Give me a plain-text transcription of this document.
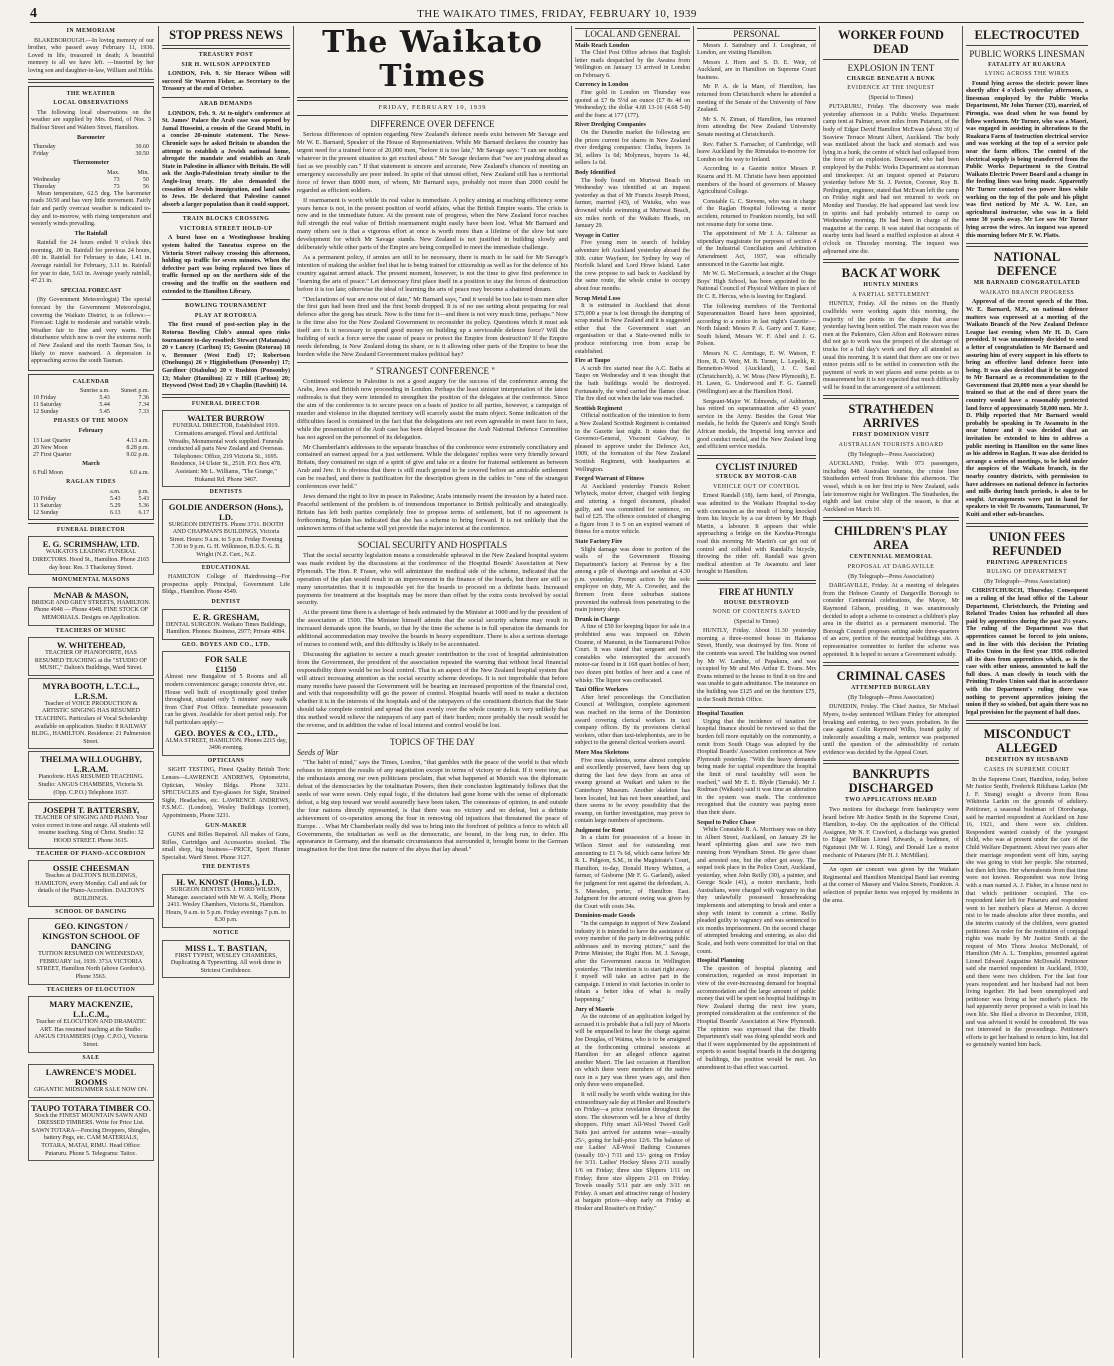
4	THE WAIKATO TIMES, FRIDAY, FEBRUARY 10, 1939
IN MEMORIAM

BLAKEBOROUGH.—In loving memory of our brother, who passed away February 11, 1936. Loved in life, treasured in death; A beautiful memory is all we have left. —Inserted by her loving son and daughter-in-law, William and Hilda.

THE WEATHER
LOCAL OBSERVATIONS

The following local observations on the weather are supplied by Mrs. Bond, of Nos. 3 Balfour Street and Walters Street, Hamilton.

Barometer
Thursday	30.60
Friday	30.50
Thermometer
	Max.	Min.
Wednesday	73	50
Thursday	73	56

Mean temperature, 62.5 deg. The barometer reads 30.50 and has very little movement. Fairly fair and partly overcast weather is indicated to-day and to-morrow, with rising temperature and westerly winds prevailing.

The Rainfall

Rainfall for 24 hours ended 9 o'clock this morning, .00 in. Rainfall for previous 24 hours, .00 in. Rainfall for February to date, 1.41 in. Average rainfall for February, 3.11 in. Rainfall for year to date, 5.63 in. Average yearly rainfall, 47.21 in.

SPECIAL FORECAST

(By Government Meteorologist) The special forecast by the Government Meteorologist, covering the Waikato District, is as follows:— Forecast: Light to moderate and variable winds. Weather fair to fine and very warm. The disturbance which now is over the extreme north of New Zealand and the north Tasman Sea, is likely to move eastward. A depression is approaching across the south Tasman.

CALENDAR
	Sunrise a.m.	Sunset p.m.
10 Friday	5.43	7.36
11 Saturday	5.44	7.34
12 Sunday	5.45	7.33
PHASES OF THE MOON
February
13 Last Quarter	4.13 a.m.
20 New Moon	8.28 p.m.
27 First Quarter	9.02 p.m.
March
6 Full Moon	6.0 a.m.
RAGLAN TIDES
	a.m.	p.m.
10 Friday	5.43	5.43
11 Saturday	5.29	5.36
12 Sunday	6.13	6.17
FUNERAL DIRECTOR
E. G. SCRIMSHAW, LTD.
WAIKATO'S LEADING FUNERAL DIRECTORS. Hood St., Hamilton. Phone 2165 day hour. Res. 3 Thackeray Street.
MONUMENTAL MASONS
McNAB & MASON,
BRIDGE AND GREY STREETS, HAMILTON. Phone 4948 — Phone 4948. FINE STOCK OF MEMORIALS. Designs on Application.
TEACHERS OF MUSIC
W. WHITEHEAD,
TEACHER OF PIANOFORTE, HAS RESUMED TEACHING at the "STUDIO OF MUSIC," Dalton's Buildings, Ward Street.
MYRA BOOTH, L.T.C.L., L.R.S.M.
Teacher of VOICE PRODUCTION & ARTISTIC SINGING HAS RESUMED TEACHING. Particulars of Vocal Scholarship available on application. Studio: 8 RAILWAY BLDG., HAMILTON. Residence: 21 Palmerston Street.
THELMA WILLOUGHBY, L.R.A.M.
Pianoforte. HAS RESUMED TEACHING. Studio: ANGUS CHAMBERS, Victoria St. (Opp. C.P.O.) Telephone 1637.
JOSEPH T. BATTERSBY,
TEACHER OF SINGING AND PIANO. Your voice correct in tone and range. All students will resume teaching. Sing of Christ. Studio: 32 HOOD STREET. Phone 3615.
TEACHER OF PIANO-ACCORDION
OSSIE CHEESMAN
Teaches at DALTON'S BUILDINGS, HAMILTON, every Monday. Call and ask for details of the Piano-Accordion. DALTON'S BUILDINGS.
SCHOOL OF DANCING
GEO. KINGSTON / KINGSTON SCHOOL OF DANCING
TUITION RESUMED ON WEDNESDAY, FEBRUARY 1st, 1939. 373A VICTORIA STREET, Hamilton North (above Gordon's). Phone 3563.
TEACHERS OF ELOCUTION
MARY MACKENZIE, L.L.C.M.,
Teacher of ELOCUTION AND DRAMATIC ART. Has resumed teaching at the Studio: ANGUS CHAMBERS (Opp. C.P.O.), Victoria Street.
SALE
LAWRENCE'S MODEL ROOMS
GIGANTIC MIDSUMMER SALE NOW ON.
TAUPO TOTARA TIMBER CO.
Stock the FINEST MOUNTAIN SAWN AND DRESSED TIMBERS. Write for Price List. SAWN TOTARA—Fencing Droppers, Shingles, battery Pegs, etc. CAM MATERIALS, TOTARA, MATAI, RIMU. Head Office: Putaruru. Phone 5. Telegrams: Taitoc.
STOP PRESS NEWS
TREASURY POST
SIR H. WILSON APPOINTED

LONDON, Feb. 9. Sir Horace Wilson will succeed Sir Warren Fisher, as Secretary to the Treasury at the end of October.

ARAB DEMANDS

LONDON, Feb. 9. At to-night's conference at St. James' Palace the Arab case was opened by Jamal Husseini, a cousin of the Grand Mufti, in a concise 20-minute statement. The News-Chronicle says he asked Britain to abandon the attempt to establish a Jewish national home, abrogate the mandate and establish an Arab State in Palestine in alliance with Britain. He will ask the Anglo-Palestinian treaty similar to the Anglo-Iraq treaty. He also demanded the cessation of Jewish immigration, and land sales to Jews. He declared that Palestine cannot absorb a larger population than it could support.

TRAIN BLOCKS CROSSING
VICTORIA STREET HOLD-UP

A burst hose on a Westinghouse braking system halted the Taneatua express on the Victoria Street railway crossing this afternoon, holding up traffic for seven minutes. When the defective part was being replaced two lines of traffic formed up on the northern side of the crossing and the traffic on the southern end extended to the Hamilton Library.

BOWLING TOURNAMENT
PLAY AT ROTORUA

The first round of post-section play in the Rotorua Bowling Club's annual open rinks tournament to-day resulted: Stewart (Matamata) 20 v Lancey (Carlton) 15; Gosnim (Rotorua) 18 v. Bremner (West End) 17; Robertson (Onehunga) 26 v Higginbotham (Ponsonby) 17; Gardiner (Otahuhu) 20 v Rushton (Ponsonby) 13; Maher (Hamilton) 22 v Hill (Carlton) 20; Heywood (West End) 20 v Chaplin (Rawhiti) 14.

FUNERAL DIRECTOR
WALTER BURROW
FUNERAL DIRECTOR, Established 1919. Cremations arranged. Floral and Artificial Wreaths, Monumental work supplied. Funerals conducted all parts New Zealand and Overseas. Telephones: Office, 219 Victoria St., 1695. Residence, 14 Ulster St., 2518. P.O. Box 478. Assistant: Mr L. Williams, "The Grange," Hukanui Rd. Phone 3467.
DENTISTS
GOLDIE ANDERSON (Hons.), LD.
SURGEON DENTISTS. Phone 3711. BOOTH AND CHAPMAN'S BUILDINGS, Victoria Street. Hours: 9 a.m. to 5 p.m. Friday Evening 7.30 to 9 p.m. G. H. Wilkinson, B.D.S. G. B. Wright (N.Z. Cert., N.Z.
EDUCATIONAL

HAMILTON College of Hairdressing—For prospectus apply Principal, Government Life Bldgs., Hamilton. Phone 4549.

DENTIST
E. R. GRESHAM,
DENTAL SURGEON. Waikato Times Buildings, Hamilton. Phones: Business, 2977; Private 4084.
GEO. BOYES AND CO., LTD.
FOR SALE
£1150
Almost new Bungalow of 5 Rooms and all modern conveniences: garage; concrete drive, etc. House well built of exceptionally good timber throughout, situated only 5 minutes' easy walk from Chief Post Office. Immediate possession can be given. Available for short period only. For full particulars apply:—
GEO. BOYES & CO., LTD.,
ALMA STREET, HAMILTON. Phones 2215 day, 3496 evening.
OPTICIANS

SIGHT TESTING, Finest Quality British Toric Lenses—LAWRENCE ANDREWS, Optometrist, Optician, Wesley Bldgs. Phone 3231. SPECTACLES and Eye-glasses for Sight, Strained Sight, Headaches, etc. LAWRENCE ANDREWS, F.S.M.C. (London), Wesley Buildings (corner), Appointments, Phone 3231.

GUN-MAKER

GUNS and Rifles Repaired. All makes of Guns, Rifles, Cartridges and Accessories stocked. The small shop, big business—PRICE, Sport Hunter Specialist. Ward Street. Phone 3127.

THE DENTISTS
H. W. KNOST (Hons.), LD.
SURGEON DENTISTS. J. FORD WILSON, Manager. associated with Mr W. A. Kelly, Phone 2411. Wesley Chambers, Victoria St., Hamilton. Hours, 9 a.m. to 5 p.m. Friday evenings 7 p.m. to 8.30 p.m.
NOTICE
MISS L. T. BASTIAN,
FIRST TYPIST, WESLEY CHAMBERS, Duplicating & Typewriting. All work done in Strictest Confidence.
The Waikato Times
FRIDAY, FEBRUARY 10, 1939
DIFFERENCE OVER DEFENCE

Serious differences of opinion regarding New Zealand's defence needs exist between Mr Savage and Mr W. E. Barnard, Speaker of the House of Representatives. While Mr Barnard declares the country has urgent need for a trained force of 20,000 men, "before it is too late," Mr Savage says: "I can see nothing whatever in the present situation to get excited about." Mr Savage declares that "we are pushing ahead as fast as we possibly can." If that statement is sincere and accurate, New Zealand's chances of meeting an emergency successfully are poor indeed. In spite of that utmost effort, New Zealand still has a territorial force of fewer than 8000 men, of whom, Mr Barnard says, probably not more than 2000 could be regarded as efficient soldiers.

If rearmament is worth while its real value is immediate. A policy aiming at reaching efficiency some years hence is not, in the present position of world affairs, what the British Empire wants. The crisis is now and in the immediate future. At the present rate of progress, when the New Zealand force reaches full strength the real value of British rearmament might easily have been lost. What Mr Barnard and many others see is that a vigorous effort at once is worth more than a lifetime of the slow but sure development for which Mr Savage stands. New Zealand is not justified in building slowly and deliberately while other parts of the Empire are being compelled to meet the immediate challenge.

As a permanent policy, if armies are still to be necessary, there is much to be said for Mr Savage's intention of making the soldier feel that he is being trained for citizenship as well as for the defence of his country against armed attack. The present moment, however, is not the time to give first preference to "learning the arts of peace." Let democracy first place itself in a position to stay the forces of destruction before it is too late; otherwise the ideal of learning the arts of peace may become a shattered dream.

"Declarations of war are now out of date," Mr Barnard says, "and it would be too late to train men after the first gun had been fired and the first bomb dropped. It is of no use setting about preparing for real defence after the gong has struck. Now is the time for it—and there is not very much time, perhaps." Now is the time also for the New Zealand Government to reconsider its policy. Questions which it must ask itself are: Is it necessary to spend good money on building up a serviceable defence force? Will the building of such a force serve the cause of peace or protect the Empire from destruction? If the Empire needs defending, is New Zealand doing its share, or is it allowing other parts of the Empire to bear the burden while the New Zealand Government makes political hay?

" STRANGEST CONFERENCE "

Continued violence in Palestine is not a good augury for the success of the conference among the Arabs, Jews and British now proceeding in London. Perhaps the least sinister interpretation of the latest outbreaks is that they were intended to strengthen the position of the delegates at the conference. Since the aim of the conference is to secure peace on a basis of justice to all parties, however, a campaign of murder and violence in the disputed territory will scarcely assist the main object. Some indication of the difficulties faced is contained in the fact that the delegations are not even agreeable to meet face to face, while the presentation of the Arab case has been delayed because the Arab National Defence Committee has not agreed on the personnel of its delegation.

Mr Chamberlain's addresses to the separate branches of the conference were extremely conciliatory and contained an earnest appeal for a just settlement. While the delegates' replies were very friendly toward Britain, they contained no sign of a spirit of give and take or a desire for fraternal settlement as between Arab and Jew. It is obvious that there is still much ground to be covered before an amicable settlement can be reached, and there is justification for the description given in the cables to "one of the strangest conferences ever held."

Jews demand the right to live in peace in Palestine; Arabs intensely resent the invasion by a hated race. Peaceful settlement of the problem is of tremendous importance to British politically and strategically. Britain has left both parties completely free to propose terms of settlement, but if no agreement is forthcoming, Britain has indicated that she has a scheme to bring forward. It is not unlikely that the unknown terms of that scheme will yet provide the major interest at the conference.

SOCIAL SECURITY AND HOSPITALS

That the social security legislation means a considerable upheaval in the New Zealand hospital system was made evident by the discussions at the conference of the Hospital Boards' Association at New Plymouth. The Hon. P. Fraser, who will administer the medical side of the scheme, indicated that the operation of the plan would result in an improvement in the finance of the boards, but there are still so many uncertainties that it is impossible yet for the boards to proceed on a definite basis. Increased payments for treatment at the hospitals may be more than offset by the extra costs involved by social security.

At the present time there is a shortage of beds estimated by the Minister at 1000 and by the president of the association at 1500. The Minister himself admits that the social security scheme may result in increased demands upon the boards, so that by the time the scheme is in full operation the demands for additional accommodation may involve the boards in heavy expenditure. There is also a serious shortage of nurses to contend with, and this difficulty is likely to be accentuated.

Discussing the agitation to secure a much greater contribution to the cost of hospital administration from the Government, the president of the association repeated the warning that without local financial responsibility there would be no local control. That is an aspect of the New Zealand hospital system that will attract increasing attention as the social security scheme develops. It is not improbable that before many months have passed the Government will be bearing an increased proportion of the financial cost, and with that responsibility will go the power of control. Hospital boards will need to make a decision whether it is in the interests of the hospitals and of the ratepayers of the constituent districts that the State should take complete control and spread the cost evenly over the whole country. It is very unlikely that this method would relieve the ratepayers of any part of their burden; more probably the result would be the reverse, and in addition the value of local interest and control would be lost.

TOPICS OF THE DAY
Seeds of War

"The habit of mind," says the Times, London, "that gambles with the peace of the world is that which refuses to interpret the results of any negotiation except in terms of victory or defeat. If it were true, as the enthusiasts among our own politicians proclaim, that what happened at Munich was the diplomatic defeat of the democracies by the totalitarian Powers, then their conclusion legitimately follows that the seeds of war were sown. Only equal logic, if the dictators had gone home with the sense of diplomatic defeat, a big step toward war would assuredly have been taken. The consensus of opinion, in and outside the four nations directly represented, is that there was no victory and no defeat, but a definite achievement of co-operation among the four in removing old injustices that threatened the peace of Europe. . . What Mr Chamberlain really did was to bring into the forefront of politics a force to which all Governments, the totalitarian as well as the democratic, are bound, in the long run, to defer. His appearance in Germany, and the dramatic circumstances that surrounded it, brought home to the German imagination for the first time the nature of the abyss that lay ahead."

LOCAL AND GENERAL
Mails Reach London

The Chief Post Office advises that English letter mails despatched by the Awatea from Wellington on January 13 arrived in London on February 6.

Currency in London

Fine gold in London on Thursday was quoted at £7 8s 5½d an ounce (£7 8s 4d on Wednesday); the dollar 4.68 13-16 (4.68 5-8) and the franc at 177 (177).

River Dredging Companies

On the Dunedin market the following are the prices current for shares in New Zealand river dredging companies: Clutha, buyers 1s 3d, sellers 1s 6d; Molyneux, buyers 1s 4d, sellers 1s 6d.

Body Identified

The body found on Muriwai Beach on Wednesday was identified at an inquest yesterday as that of Mr Francis Joseph Preest, farmer, married (43), of Waiuku, who was drowned while swimming at Muriwai Beach, six miles north of the Waikato Heads, on January 29.

Voyage in Cutter

Five young men in search of holiday adventure left Auckland yesterday aboard the 30ft. cutter Wayfarer, for Sydney by way of Norfolk Island and Lord Howe Island. Later the crew propose to sail back to Auckland by the same route, the whole cruise to occupy about four months.

Scrap Metal Loss

It is estimated in Auckland that about £75,000 a year is lost through the dumping of scrap metal in New Zealand and it is suggested either that the Government start an organisation or that a State-owned mills to produce reinforcing iron from scrap be established.

Fire at Taupo

A scrub fire started near the A.C. Baths at Taupo on Wednesday and it was thought that the bath buildings would be destroyed. Fortunately, the wind carried the flames clear. The fire died out when the lake was reached.

Scottish Regiment

Official notification of the intention to form a New Zealand Scottish Regiment is contained in the Gazette last night. It states that the Governor-General, Viscount Galway, is pleased to approve under the Defence Act, 1909, of the formation of the New Zealand Scottish Regiment, with headquarters at Wellington.

Forged Warrant of Fitness

At Auckland yesterday Francis Robert Whyteck, motor driver, charged with forging and uttering a forged document, pleaded guilty, and was committed for sentence, on bail of £25. The offence consisted of changing a figure from 3 to 5 on an expired warrant of fitness for a motor vehicle.

State Factory Fire

Slight damage was done to portion of the walls of the Government Housing Department's factory at Penrose by a fire among a pile of shavings and sawdust at 4.30 p.m. yesterday. Prompt action by the sole employee on duty, Mr A. Crowder, and the firemen from three suburban stations prevented the outbreak from penetrating to the main joinery shop.

Drunk in Charge

A fine of £50 for keeping liquor for sale in a prohibited area was imposed on Edwin Ozanne, of Manunui, in the Taumarunui Police Court. It was stated that sergeant and two constables who intercepted the accused's motor-car found in it 168 quart bottles of beer, two dozen pint bottles of beer and a case of whisky. The liquor was confiscated.

Taxi Office Workers

After brief proceedings the Conciliation Council at Wellington, complete agreement was reached on the terms of the Dominion award covering clerical workers in taxi company offices. By its provisions clerical workers, other than taxi-telephonists, are to be subject to the general clerical workers award.

More Moa Skeletons

Five moa skeletons, some almost complete and excellently preserved, have been dug up during the last few days from an area of swamp ground at Waikari and taken to the Canterbury Museum. Another skeleton has been located, but has not been unearthed, and there seems to be every possibility that the swamp, on further investigation, may prove to contain large numbers of specimens.

Judgment for Rent

In a claim for possession of a house in Wilson Street and for outstanding rent amounting to £1 7s 6d, which came before Mr R. L. Pidgeon, S.M., in the Magistrate's Court, Hamilton, to-day, Donald Henry Whitten, a farmer, of Gisborne (Mr F. G. Garland), asked for judgment for rent against the defendant, A. S. Meesden, porter, of Hamilton East. Judgment for the amount owing was given by the Court with costs 34s.

Dominion-made Goods

"In the campaign in support of New Zealand industry it is intended to have the assistance of every member of the party in delivering public addresses and in moving picture," said the Prime Minister, the Right Hon. M. J. Savage, after the Government caucus in Wellington yesterday. "The intention is to start right away. I myself will take an active part in the campaign. I intend to visit factories in order to obtain a better idea of what is really happening."

Jury of Maoris

As the outcome of an application lodged by accused it is probable that a full jury of Maoris will be empanelled to hear the charge against Joe Douglas, of Waima, who is to be arraigned at the forthcoming criminal sessions at Hamilton for an alleged offence against another Maori. The last occasion at Hamilton on which there were members of the native race in a jury was three years ago, and then only three were empanelled.

It will really be worth while waiting for this extraordinary sale day at Hosker and Rossiter's on Friday—a price revelation throughout the store. The showroom will be a hive of thrifty shoppers. Fifty smart All-Wool Tweed Golf Suits just arrived for autumn wear—usually 25/-, going for half-price 12/6. The balance of our Ladies' All-Wool Bathing Costumes (usually 10/-) 7/11 and 13/- going on Friday for 3/11. Ladies' Hockey Shoes 2/11 usually 1/6 on Friday; three size Slippers 1/11 on Friday; three size slippers 2/11 on Friday. Towels usually 5/11 pair are only 3/11 on Friday. A smart and attractive range of hosiery at bargain prices—shop early on Friday at Hosker and Rossiter's on Friday."

PERSONAL

Messrs J. Sainsbury and J. Loughnan, of London, are visiting Hamilton.

Messrs J. Horn and S. D. E. Weir, of Auckland, are in Hamilton on Supreme Court business.

Mr P. A. de la Mare, of Hamilton, has returned from Christchurch where he attended a meeting of the Senate of the University of New Zealand.

Mr S. N. Ziman, of Hamilton, has returned from attending the New Zealand University Senate meeting at Christchurch.

Rev. Father S. Farnacher, of Cambridge, will leave Auckland by the Rimutaka to-morrow for London on his way to Ireland.

According to a Gazette notice Messrs P. Kearns and H. M. Christie have been appointed members of the board of governors of Massey Agricultural College.

Constable G. C. Stevens, who was in charge of the Raglan Hospital following a motor accident, returned to Frankton recently, but will not resume duty for some time.

The appointment of Mr J. A. Gilmour as stipendiary magistrate for purposes of section 4 of the Industrial Conciliation and Arbitration Amendment Act, 1937, was officially announced in the Gazette last night.

Mr W. G. McCormack, a teacher at the Otago Boys' High School, has been appointed to the National Council of Physical Welfare in place of Dr C. E. Hercus, who is leaving for England.

The following members of the Territorial Superannuation Board have been appointed, according to a notice in last night's Gazette:—North Island: Messrs P. A. Garry and T. Kane; South Island, Messrs W. F. Abel and J. G. Polson.

Messrs N. C. Armitage, E. W. Watson, F. Hore, R. D. Weir, M. B. Turner, L. Lepelik, R. Bennetton-Wood (Auckland), J. C. Saul (Christchurch), A. W. Moss (New Plymouth), E. H. Lawn, G. Underwood and F. G. Gannell (Wellington) are at the Hamilton Hotel.

Sergeant-Major W. Edmonds, of Ashburton, has retired on superannuation after 43 years' service in the Army. Besides the Great War medals, he holds the Queen's and King's South African medals, the Imperial long service and good conduct medal, and the New Zealand long and efficient service medals.

CYCLIST INJURED
STRUCK BY MOTOR-CAR
VEHICLE OUT OF CONTROL

Ernest Randall (18), farm hand, of Pirongia, was admitted to the Waikato Hospital to-day with concussion as the result of being knocked from his bicycle by a car driven by Mr Hugh Martin, a labourer. It appears that while approaching a bridge on the Kawhia-Pirongia road this morning Mr Martin's car got out of control and collided with Randall's bicycle, throwing the rider off. Randall was given medical attention at Te Awamutu and later brought to Hamilton.

FIRE AT HUNTLY
HOUSE DESTROYED
NONE OF CONTENTS SAVED
(Special to Times)

HUNTLY, Friday. About 11.30 yesterday morning a three-roomed house in Hakanoa Street, Huntly, was destroyed by fire. None of the contents was saved. The building was owned by Mr W. Lambie, of Papakura, and was occupied by Mr and Mrs Arthur E. Evans. Mrs Evans returned to the house to find it on fire and was unable to gain admittance. The insurance on the building was £125 and on the furniture £75, in the South British Office.

Hospital Taxation

Urging that the incidence of taxation for hospital finance should be reviewed so that the burden fell more equitably on the community, a remit from South Otago was adopted by the Hospital Boards' Association conference at New Plymouth yesterday. "With the heavy demands being made for capital expenditure the hospital the limit of rural taxability will soon be reached," said Mr E. E. Blyde (Tarnaki). Mr J. Rodman (Waikato) said it was time an alteration in the system was made. The conference recognised that the country was paying more than their share.

Sequel to Police Chase

While Constable R. A. Morrissey was on duty in Albert Street, Auckland, on January 29 he heard splintering glass and saw two men running from Wyndham Street. He gave chase and arrested one, but the other got away. The sequel took place in the Police Court, Auckland, yesterday, when John Reilly (30), a painter, and George Scale (41), a motor mechanic, both Australians, were charged with vagrancy in that they unlawfully possessed housebreaking implements and attempting to break and enter a shop with intent to commit a crime. Reilly pleaded guilty to vagrancy and was sentenced to six months imprisonment. On the second charge of attempted breaking and entering, as also did Scale, and both were committed for trial on that count.

Hospital Planning

The question of hospital planning and construction, regarded as most important in view of the ever-increasing demand for hospital accommodation and the large amount of public money that will be spent on hospital buildings in New Zealand during the next few years, prompted consideration at the conference of the Hospital Boards' Association at New Plymouth. The opinion was expressed that the Health Department's staff was doing splendid work and that if were supplemented by the appointment of experts to assist hospital boards in the designing of buildings, the position would be met. An amendment to that effect was carried.

WORKER FOUND DEAD
EXPLOSION IN TENT
CHARGE BENEATH A BUNK
EVIDENCE AT THE INQUEST
(Special to Times)

PUTARURU, Friday. The discovery was made yesterday afternoon in a Public Works Department camp tent at Palmer, seven miles from Putaruru, of the body of Edgar David Hamilton McEwan (about 39) of Seaview Terrace Mount Albert, Auckland. The body was mutilated about the back and stomach and was lying in a bunk, the centre of which had collapsed from the force of an explosion. Deceased, who had been employed by the Public Works Department as storeman and timekeeper. At an inquest opened at Putaruru yesterday before Mr St. J. Pavton, Coroner, Roy B. Penlington, engineer, stated that McEwan left the camp on Friday night and had not returned to work on Monday and Tuesday. He had appeared last week low in spirits and had probably returned to camp on Wednesday morning. He had been in charge of the magazine at the camp. It was stated that occupants of nearby tents had heard a muffled explosion at about 4 o'clock on Thursday morning. The inquest was adjourned sine die.

BACK AT WORK
HUNTLY MINERS
A PARTIAL SETTLEMENT

HUNTLY, Friday. All the mines on the Huntly coalfields were working again this morning, the majority of the points in the dispute that arose yesterday having been settled. The main reason was the men at the Pukemiro, Glen Afton and Rotowaro mines did not go to work was the prospect of the shortage of trucks for a full day's work and they all attended as usual this morning. It is stated that there are one or two minor points still to be settled in connection with the payment of work in wet places and some points as to measurement but it is not expected that much difficulty will be found in the arrangement of a settlement.

STRATHEDEN ARRIVES
FIRST DOMINION VISIT
AUSTRALIAN TOURISTS ABOARD
(By Telegraph—Press Association)

AUCKLAND, Friday. With 973 passengers, including 848 Australian tourists, the cruise liner Stratheden arrived from Brisbane this afternoon. The vessel, which is on her first trip to New Zealand, sails late tomorrow night for Wellington. The Stratheden, the eighth and last cruise ship of the season, is due at Auckland on March 10.

CHILDREN'S PLAY AREA
CENTENNIAL MEMORIAL
PROPOSAL AT DARGAVILLE
(By Telegraph—Press Association)

DARGAVILLE, Friday. At a meeting of delegates from the Hobson County of Dargaville Borough to consider Centennial celebrations, the Mayor, Mr Raymond Gibson, presiding, it was unanimously decided to adopt a scheme to construct a children's play area in the district as a permanent memorial. The Borough Council proposes setting aside three-quarters of an acre, portion of the municipal buildings site. A representative committee to further the scheme was appointed. It is hoped to secure a Government subsidy.

CRIMINAL CASES
ATTEMPTED BURGLARY
(By Telegraph—Press Association)

DUNEDIN, Friday. The Chief Justice, Sir Michael Myers, to-day sentenced William Finley for attempted breaking and entering, to two years probation. In the case against Colin Raymond Willis, found guilty of indecently assaulting a male, sentence was postponed until the question of the admissibility of certain evidence was decided by the Appeal Court.

BANKRUPTS DISCHARGED
TWO APPLICATIONS HEARD

Two motions for discharge from bankruptcy were heard before Mr Justice Smith in the Supreme Court, Hamilton, to-day. On the application of the Official Assignee, Mr N. F. Crawford, a discharge was granted to Edgar William Lionel Edwards, a bushmen, of Ngutunui (Mr W. J. King), and Donald Lee a motor mechanic of Putaruru (Mr H. J. McMillan).

An open air concert was given by the Waikato Regimental and Hamilton Municipal Band last evening at the corner of Massey and Vialou Streets, Frankton. A selection of popular items was enjoyed by residents in the area.

ELECTROCUTED
PUBLIC WORKS LINESMAN
FATALITY AT RUAKURA
LYING ACROSS THE WIRES

Found lying across the electric power lines shortly after 4 o'clock yesterday afternoon, a linesman employed by the Public Works Department, Mr John Turner (33), married, of Pirongia, was dead when he was found by fellow workmen. Mr Turner, who was a Maori, was engaged in assisting in alterations to the Ruakura Farm of Instruction electrical service and was working at the top of a service pole near the farm offices. The control of the electrical supply is being transferred from the Public Works Department to the Central Waikato Electric Power Board and a change in the feeding lines was being made. Apparently Mr Turner contacted two power lines while working on the top of the pole and his plight was first noticed by Mr A. W. Lee, an agricultural instructor, who was in a field some 30 yards away. Mr Lee saw Mr Turner lying across the wires. An inquest was opened this morning before Mr F. W. Platts.

NATIONAL DEFENCE
MR BARNARD CONGRATULATED
WAIKATO BRANCH PROGRESS

Approval of the recent speech of the Hon. W. E. Barnard, M.P., on national defence matters was expressed at a meeting of the Waikato Branch of the New Zealand Defence League last evening when Mr H. D. Caro presided. It was unanimously decided to send a letter of congratulation to Mr Barnard and assuring him of every support in his efforts to bring an effective land defence force into being. It was also decided that it be suggested to Mr Barnard as a recommendation to the Government that 20,000 men a year should be trained so that at the end of three years the country would have a reasonably protected land force of approximately 50,000 men. Mr J. D. Philp reported that Mr Barnard would probably be speaking in Te Awamutu in the near future and it was decided that an invitation be extended to him to address a public meeting in Hamilton on the same lines as his address in Raglan. It was also decided to arrange a series of meetings, to be held under the auspices of the Waikato branch, in the nearby country districts, with permission to have addresses on national defence in factories and mills during lunch periods, is also to be sought. Arrangements were put in hand for speakers to visit Te Awamutu, Taumarunui, Te Kuiti and other sub-branches.

UNION FEES REFUNDED
PRINTING APPRENTICES
RULING OF DEPARTMENT
(By Telegraph—Press Association)

CHRISTCHURCH, Thursday. Consequent on a ruling of the head office of the Labour Department, Christchurch, the Printing and Related Trades Union has refunded all dues paid by apprentices during the past 2½ years. The ruling of the Department was that apprentices cannot be forced to join unions, and in line with this decision the Printing Trades Union in the first year 1936 collected all its dues from apprentices which, as is the case with other unions, amounted to half the full dues. A man closely in touch with the Printing Trades Union said that in accordance with the Department's ruling there was nothing to prevent apprentices joining the union if they so wished, but again there was no legal provision for the payment of half dues.

MISCONDUCT ALLEGED
DESERTION BY HUSBAND
CASES IN SUPREME COURT

In the Supreme Court, Hamilton, today, before Mr Justice Smith, Frederick Rikihana Larkin (Mr J. F. Strang) sought a divorce from Rosa Wikitoria Larkin on the grounds of adultery. Petitioner, a seasonal bushman of Otorohanga, said he married respondent at Auckland on June 16, 1921, and there were six children. Respondent wanted custody of the youngest child, who was at present under the care of the Child Welfare Department. About two years after their marriage respondent went off him, saying she was going to visit her people. She returned, but then left him. Her whereabouts from that time were not known. Respondent was now living with a man named A. J. Fisher, in a house next to that which petitioner occupied. The co-respondent later left for Putaruru and respondent went to her mother's place at Mercer. A decree nisi to be made absolute after three months, and the interim custody of the children, were granted petitioner. An order for the restitution of conjugal rights was made by Mr Justice Smith at the request of Mrs Thora Jessica McDonald, of Hamilton (Mr A. L. Tompkins, presented against Lionel Edward Augustine McDonald. Petitioner said she married respondent in Auckland, 1930, and there were two children. For the last four years respondent and her husband had not been living together. He had been unemployed and petitioner was living at her mother's place. He had apparently never proposed a wish to lead his own life. She filed a divorce in December, 1938, and was advised it would be considered. He was not interested in the proceedings. Petitioner's efforts to get her husband to return to him, but did so genuinely wanted him back.
